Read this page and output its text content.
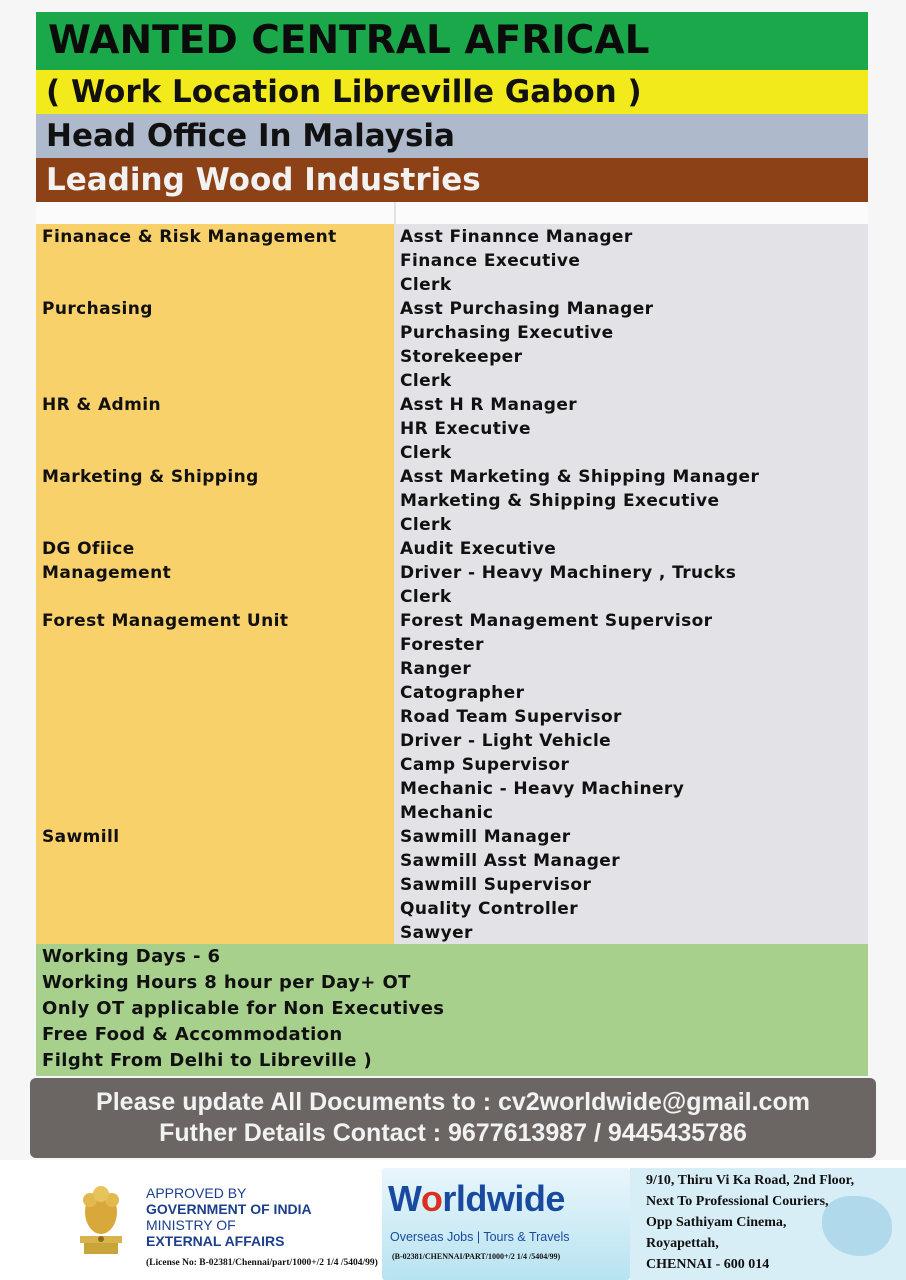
WANTED CENTRAL AFRICAL
( Work Location Libreville Gabon )
Head Office In Malaysia
Leading Wood Industries
Finanace & Risk Management
Purchasing
HR & Admin
Marketing & Shipping
DG Ofiice
Management
Forest Management Unit
Sawmill
Asst Finannce Manager
Finance Executive
Clerk
Asst Purchasing Manager
Purchasing Executive
Storekeeper
Clerk
Asst H R Manager
HR Executive
Clerk
Asst Marketing & Shipping Manager
Marketing & Shipping Executive
Clerk
Audit Executive
Driver - Heavy Machinery , Trucks
Clerk
Forest Management Supervisor
Forester
Ranger
Catographer
Road Team Supervisor
Driver - Light Vehicle
Camp Supervisor
Mechanic - Heavy Machinery
Mechanic
Sawmill Manager
Sawmill Asst Manager
Sawmill Supervisor
Quality Controller
Sawyer
Working Days - 6
Working Hours 8 hour per Day+ OT
Only OT applicable for Non Executives
Free Food & Accommodation
Filght From Delhi to Libreville )
Please update All Documents to : cv2worldwide@gmail.com
Futher Details Contact : 9677613987 / 9445435786
APPROVED BY
GOVERNMENT OF INDIA
MINISTRY OF
EXTERNAL AFFAIRS
(License No: B-02381/Chennai/part/1000+/2 1/4 /5404/99)
Worldwide
Overseas Jobs | Tours & Travels
(B-02381/CHENNAI/PART/1000+/2 1/4 /5404/99)
9/10, Thiru Vi Ka Road, 2nd Floor,
Next To Professional Couriers,
Opp Sathiyam Cinema,
Royapettah,
CHENNAI - 600 014
